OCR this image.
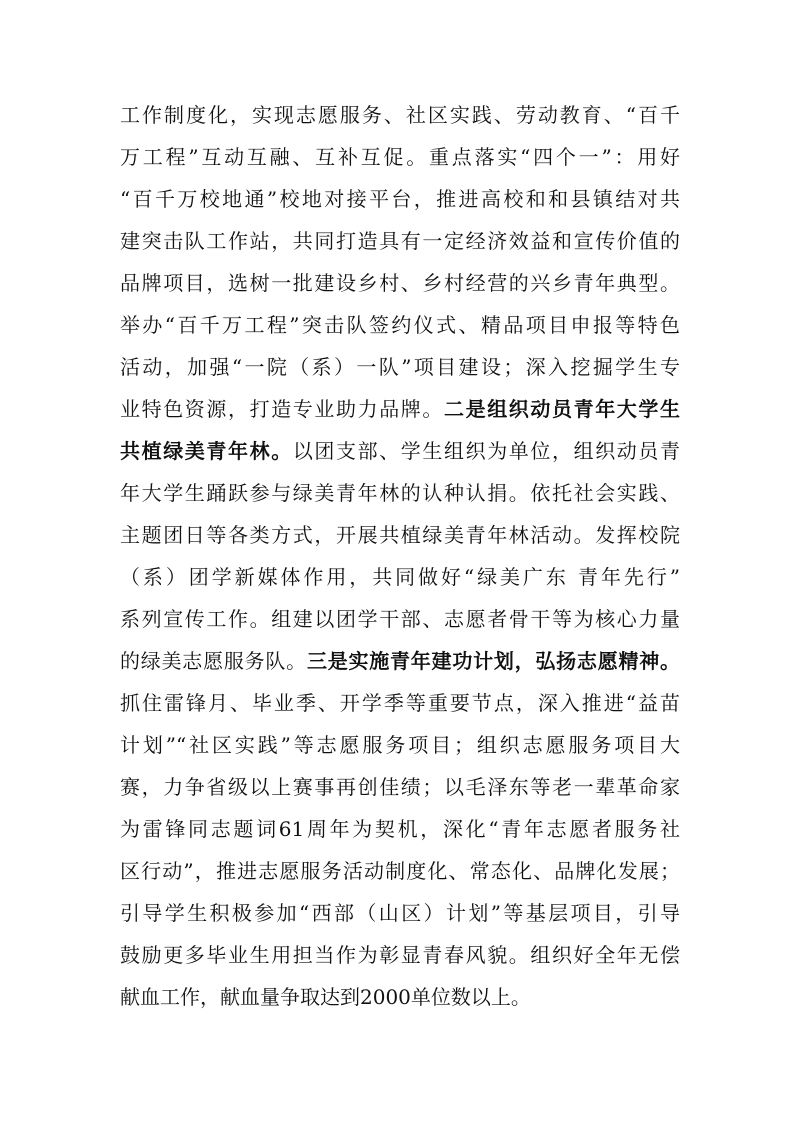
工作制度化，实现志愿服务、社区实践、劳动教育、“百千
万工程”互动互融、互补互促。重点落实“四个一”：用好
“百千万校地通”校地对接平台，推进高校和和县镇结对共
建突击队工作站，共同打造具有一定经济效益和宣传价值的
品牌项目，选树一批建设乡村、乡村经营的兴乡青年典型。
举办“百千万工程”突击队签约仪式、精品项目申报等特色
活动，加强“一院（系）一队”项目建设；深入挖掘学生专
业特色资源，打造专业助力品牌。二是组织动员青年大学生
共植绿美青年林。以团支部、学生组织为单位，组织动员青
年大学生踊跃参与绿美青年林的认种认捐。依托社会实践、
主题团日等各类方式，开展共植绿美青年林活动。发挥校院
（系）团学新媒体作用，共同做好“绿美广东 青年先行”
系列宣传工作。组建以团学干部、志愿者骨干等为核心力量
的绿美志愿服务队。三是实施青年建功计划，弘扬志愿精神。
抓住雷锋月、毕业季、开学季等重要节点，深入推进“益苗
计划”“社区实践”等志愿服务项目；组织志愿服务项目大
赛，力争省级以上赛事再创佳绩；以毛泽东等老一辈革命家
为雷锋同志题词61周年为契机，深化“青年志愿者服务社
区行动”，推进志愿服务活动制度化、常态化、品牌化发展；
引导学生积极参加“西部（山区）计划”等基层项目，引导
鼓励更多毕业生用担当作为彰显青春风貌。组织好全年无偿
献血工作，献血量争取达到2000单位数以上。
